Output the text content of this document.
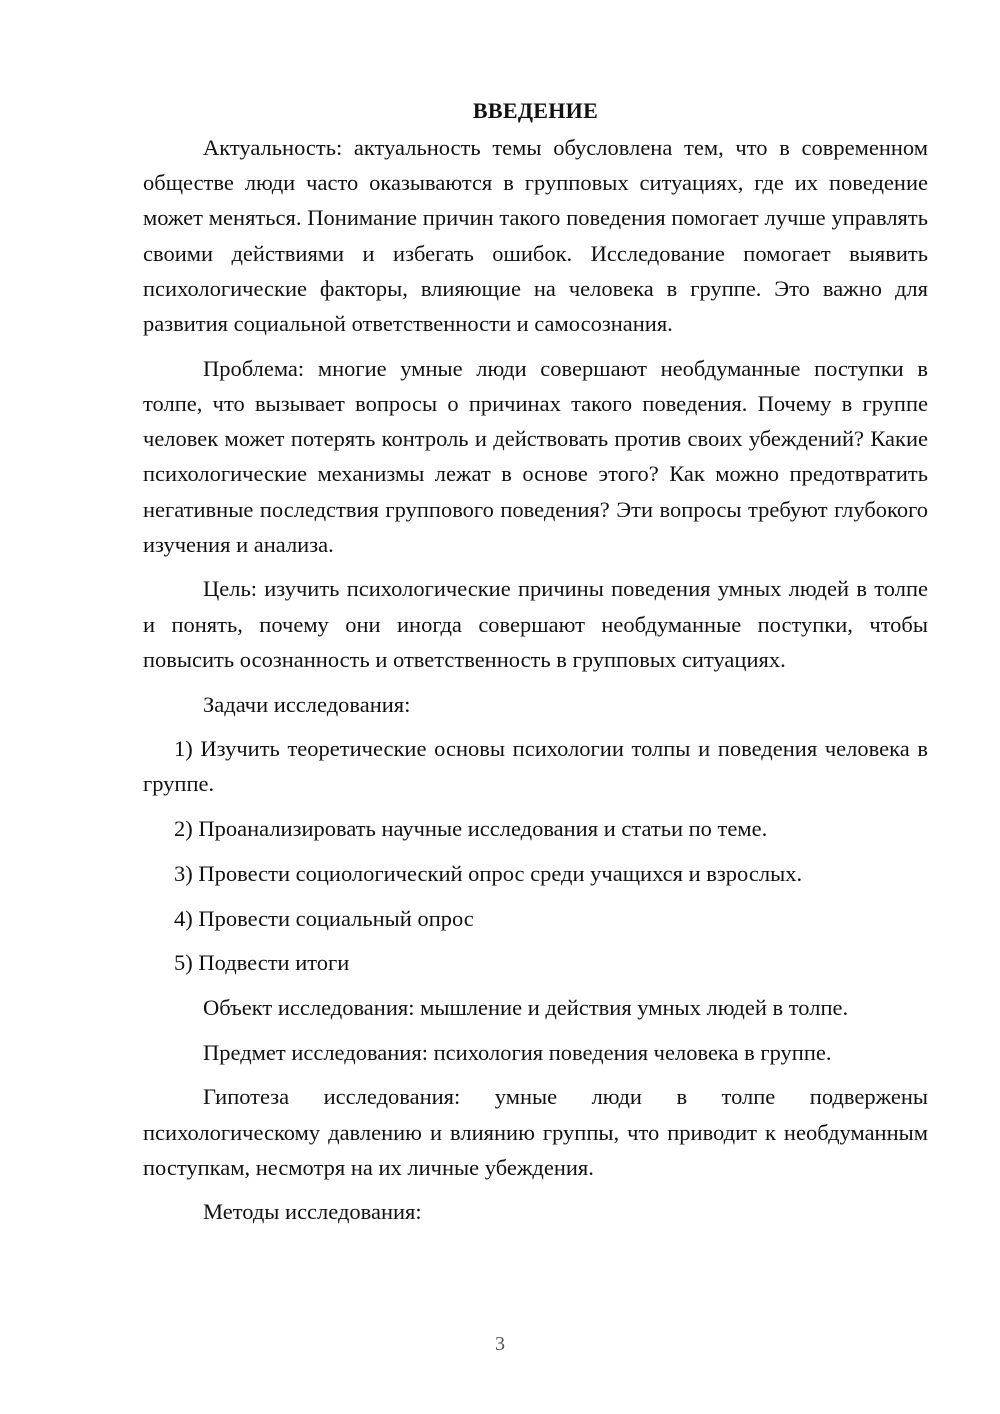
ВВЕДЕНИЕ

Актуальность: актуальность темы обусловлена тем, что в современном обществе люди часто оказываются в групповых ситуациях, где их поведение может меняться. Понимание причин такого поведения помогает лучше управлять своими действиями и избегать ошибок. Исследование помогает выявить психологические факторы, влияющие на человека в группе. Это важно для развития социальной ответственности и самосознания.

Проблема: многие умные люди совершают необдуманные поступки в толпе, что вызывает вопросы о причинах такого поведения. Почему в группе человек может потерять контроль и действовать против своих убеждений? Какие психологические механизмы лежат в основе этого? Как можно предотвратить негативные последствия группового поведения? Эти вопросы требуют глубокого изучения и анализа.

Цель: изучить психологические причины поведения умных людей в толпе и понять, почему они иногда совершают необдуманные поступки, чтобы повысить осознанность и ответственность в групповых ситуациях.

Задачи исследования:

1) Изучить теоретические основы психологии толпы и поведения человека в группе.

2) Проанализировать научные исследования и статьи по теме.

3) Провести социологический опрос среди учащихся и взрослых.

4) Провести социальный опрос

5) Подвести итоги

Объект исследования: мышление и действия умных людей в толпе.

Предмет исследования: психология поведения человека в группе.

Гипотеза исследования: умные люди в толпе подвержены психологическому давлению и влиянию группы, что приводит к необдуманным поступкам, несмотря на их личные убеждения.

Методы исследования:

3
